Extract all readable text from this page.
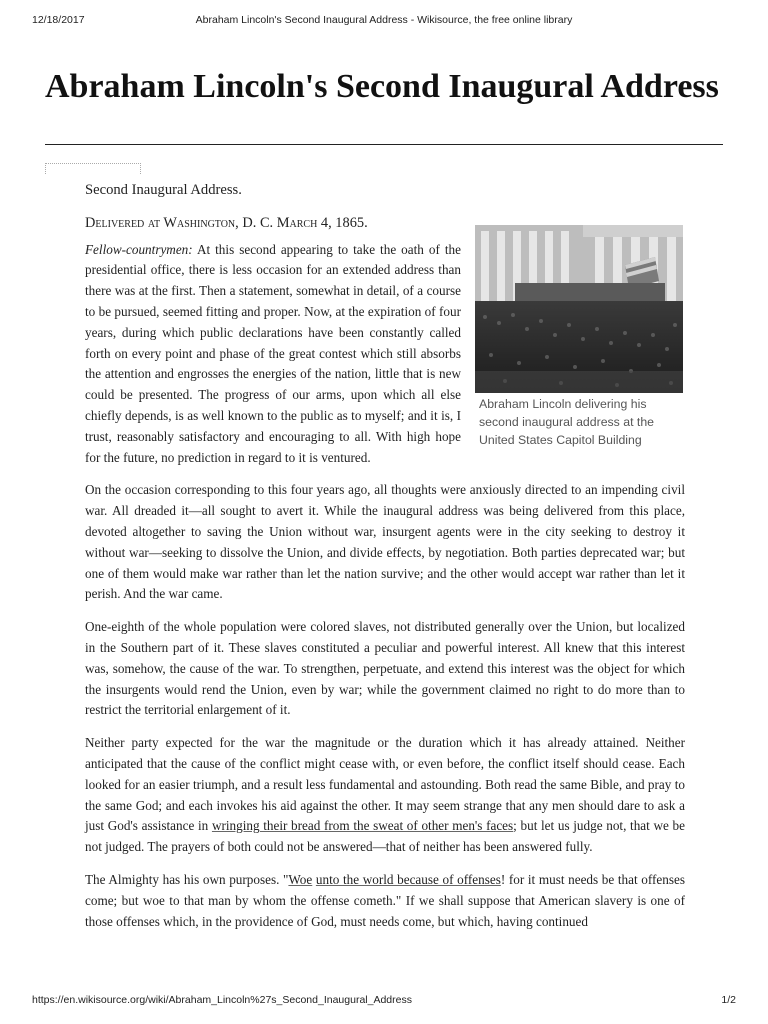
12/18/2017	Abraham Lincoln's Second Inaugural Address - Wikisource, the free online library
Abraham Lincoln's Second Inaugural Address

Second Inaugural Address.

Abraham Lincoln delivering his second inaugural address at the United States Capitol Building

Delivered at Washington, D. C. March 4, 1865.

Fellow-countrymen: At this second appearing to take the oath of the presidential office, there is less occasion for an extended address than there was at the first. Then a statement, somewhat in detail, of a course to be pursued, seemed fitting and proper. Now, at the expiration of four years, during which public declarations have been constantly called forth on every point and phase of the great contest which still absorbs the attention and engrosses the energies of the nation, little that is new could be presented. The progress of our arms, upon which all else chiefly depends, is as well known to the public as to myself; and it is, I trust, reasonably satisfactory and encouraging to all. With high hope for the future, no prediction in regard to it is ventured.

On the occasion corresponding to this four years ago, all thoughts were anxiously directed to an impending civil war. All dreaded it—all sought to avert it. While the inaugural address was being delivered from this place, devoted altogether to saving the Union without war, insurgent agents were in the city seeking to destroy it without war—seeking to dissolve the Union, and divide effects, by negotiation. Both parties deprecated war; but one of them would make war rather than let the nation survive; and the other would accept war rather than let it perish. And the war came.

One-eighth of the whole population were colored slaves, not distributed generally over the Union, but localized in the Southern part of it. These slaves constituted a peculiar and powerful interest. All knew that this interest was, somehow, the cause of the war. To strengthen, perpetuate, and extend this interest was the object for which the insurgents would rend the Union, even by war; while the government claimed no right to do more than to restrict the territorial enlargement of it.

Neither party expected for the war the magnitude or the duration which it has already attained. Neither anticipated that the cause of the conflict might cease with, or even before, the conflict itself should cease. Each looked for an easier triumph, and a result less fundamental and astounding. Both read the same Bible, and pray to the same God; and each invokes his aid against the other. It may seem strange that any men should dare to ask a just God's assistance in wringing their bread from the sweat of other men's faces; but let us judge not, that we be not judged. The prayers of both could not be answered—that of neither has been answered fully.

The Almighty has his own purposes. "Woe unto the world because of offenses! for it must needs be that offenses come; but woe to that man by whom the offense cometh." If we shall suppose that American slavery is one of those offenses which, in the providence of God, must needs come, but which, having continued

https://en.wikisource.org/wiki/Abraham_Lincoln%27s_Second_Inaugural_Address	1/2
